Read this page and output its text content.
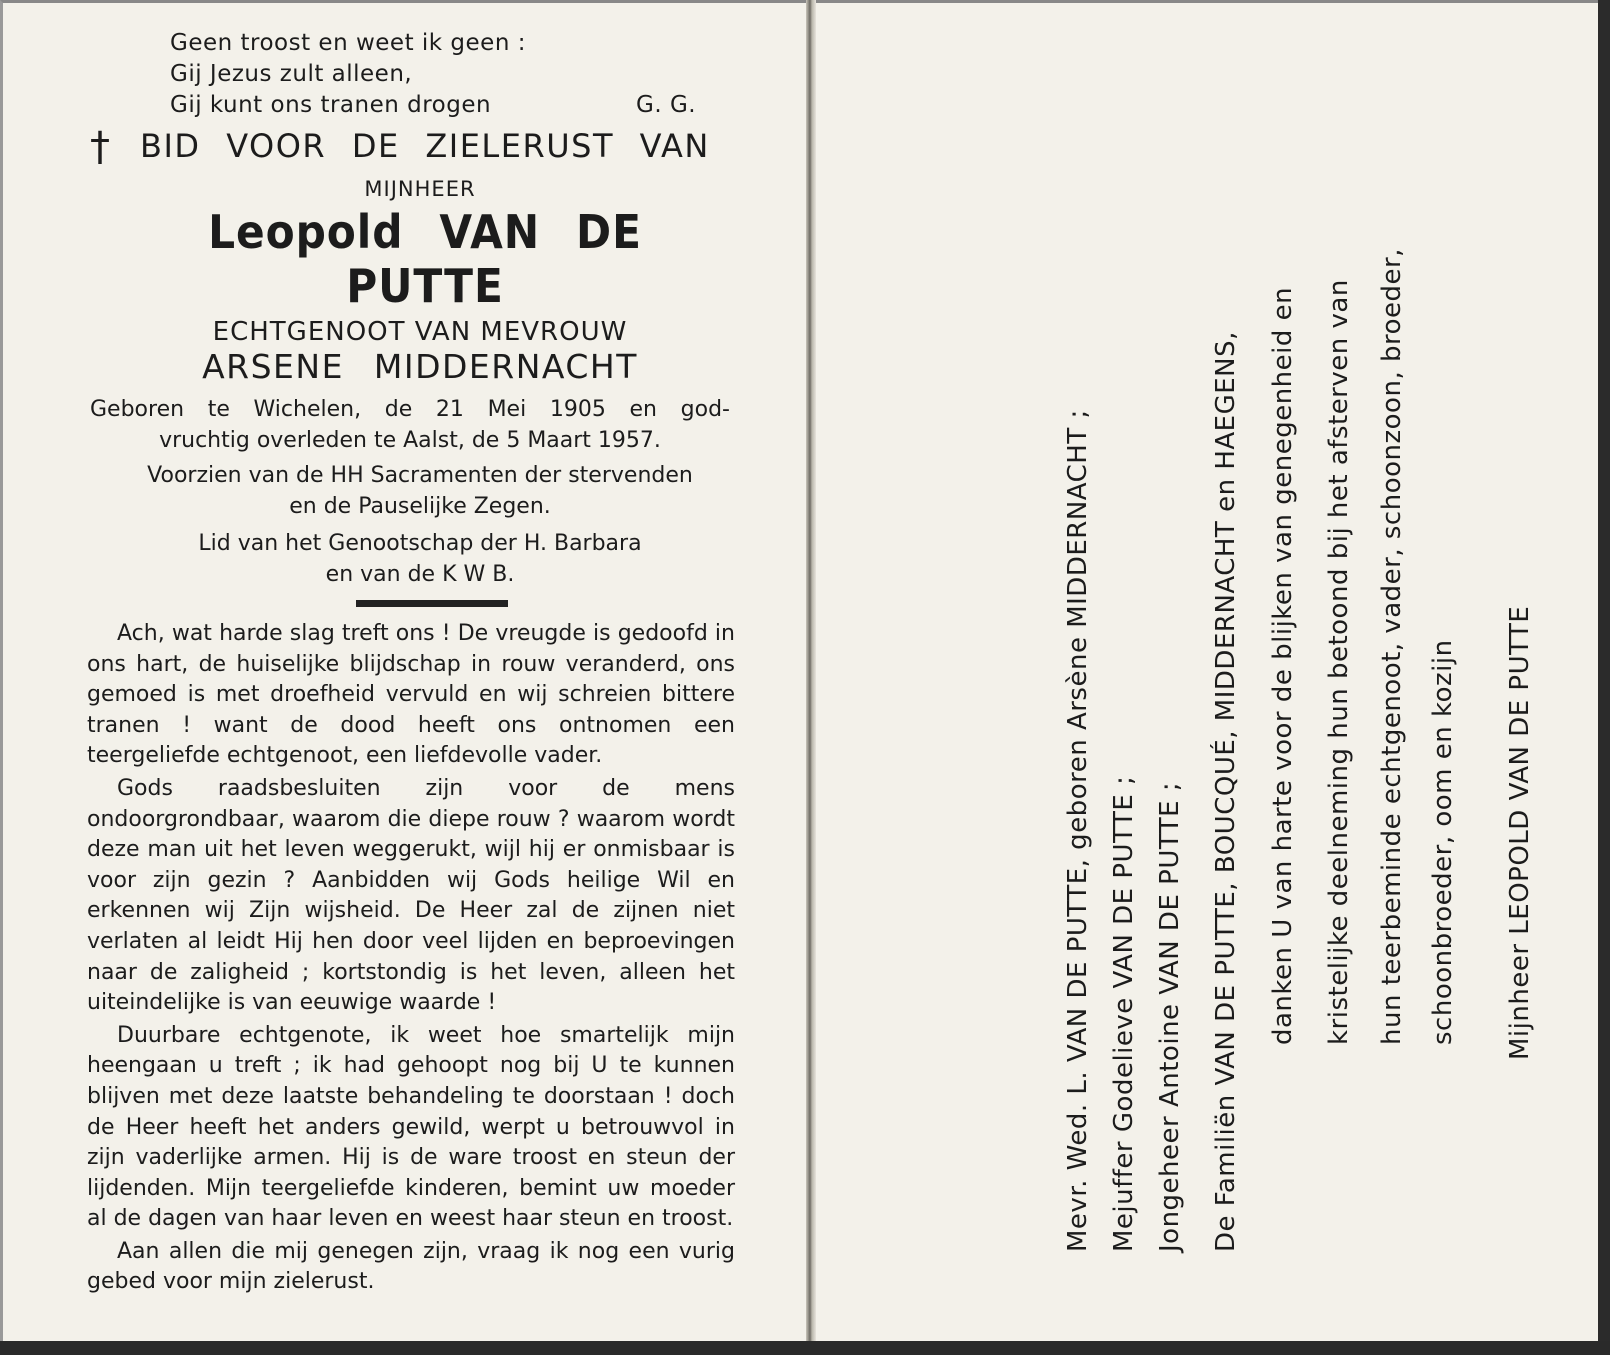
Geen troost en weet ik geen :
Gij Jezus zult alleen,
Gij kunt ons tranen drogen	G. G.
† BID VOOR DE ZIELERUST VAN
MIJNHEER
Leopold VAN DE PUTTE
ECHTGENOOT VAN MEVROUW
ARSENE MIDDERNACHT
Geboren te Wichelen, de 21 Mei 1905 en god-
vruchtig overleden te Aalst, de 5 Maart 1957.
Voorzien van de HH Sacramenten der stervenden
en de Pauselijke Zegen.
Lid van het Genootschap der H. Barbara
en van de K W B.

Ach, wat harde slag treft ons ! De vreugde is gedoofd in ons hart, de huiselijke blijdschap in rouw veranderd, ons gemoed is met droefheid vervuld en wij schreien bittere tranen ! want de dood heeft ons ontnomen een teergeliefde echtgenoot, een liefdevolle vader.

Gods raadsbesluiten zijn voor de mens ondoorgrondbaar, waarom die diepe rouw ? waarom wordt deze man uit het leven weggerukt, wijl hij er onmisbaar is voor zijn gezin ? Aanbidden wij Gods heilige Wil en erkennen wij Zijn wijsheid. De Heer zal de zijnen niet verlaten al leidt Hij hen door veel lijden en beproevingen naar de zaligheid ; kortstondig is het leven, alleen het uiteindelijke is van eeuwige waarde !

Duurbare echtgenote, ik weet hoe smartelijk mijn heengaan u treft ; ik had gehoopt nog bij U te kunnen blijven met deze laatste behandeling te doorstaan ! doch de Heer heeft het anders gewild, werpt u betrouwvol in zijn vaderlijke armen. Hij is de ware troost en steun der lijdenden. Mijn teergeliefde kinderen, bemint uw moeder al de dagen van haar leven en weest haar steun en troost.

Aan allen die mij genegen zijn, vraag ik nog een vurig gebed voor mijn zielerust.

Mevr. Wed. L. VAN DE PUTTE, geboren Arsène MIDDERNACHT ; Mejuffer Godelieve VAN DE PUTTE ; Jongeheer Antoine VAN DE PUTTE ; De Familiën VAN DE PUTTE, BOUCQUÉ, MIDDERNACHT en HAEGENS, danken U van harte voor de blijken van genegenheid en kristelijke deelneming hun betoond bij het afsterven van hun teerbeminde echtgenoot, vader, schoonzoon, broeder, schoonbroeder, oom en kozijn Mijnheer LEOPOLD VAN DE PUTTE
